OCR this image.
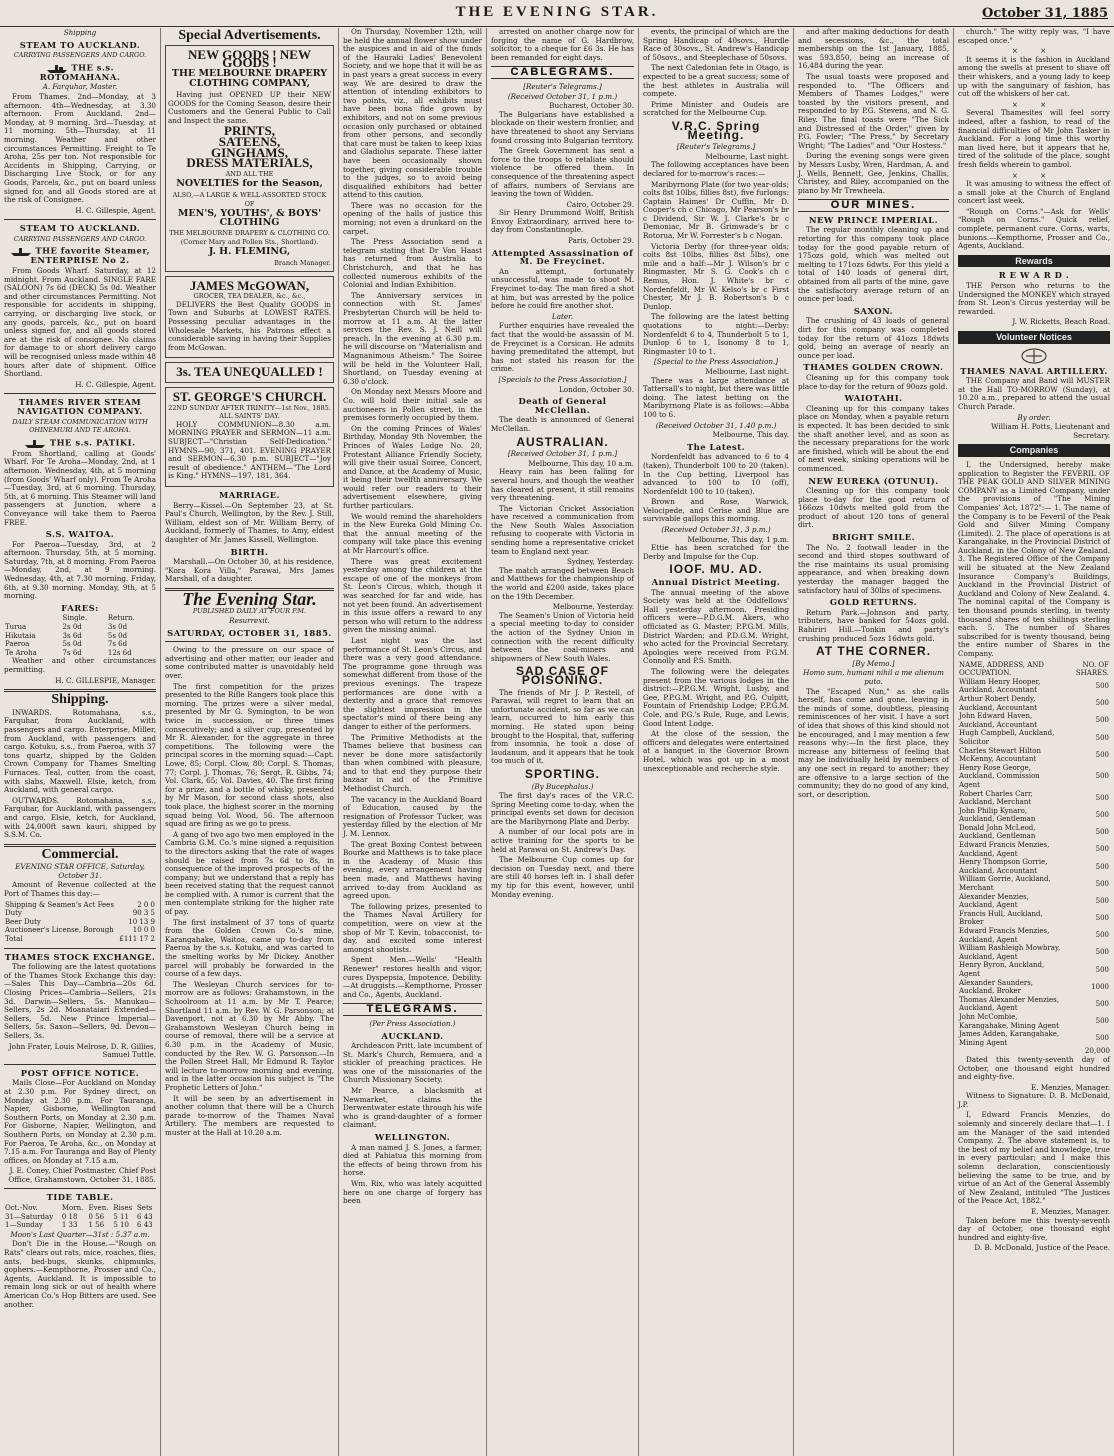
THE EVENING STAR.	October 31, 1885
Shipping
STEAM TO AUCKLAND.
CARRYING PASSENGERS AND CARGO.
THE s.s. ROTOMAHANA.
A. Farquhar, Master.

From Thames. 2nd—Monday, at 3 afternoon. 4th—Wednesday, at 3.30 afternoon. From Auckland. 2nd—Monday, at 9 morning. 3rd—Tuesday, at 11 morning. 5th—Thursday, at 11 morning. Weather and other circumstances Permitting. Freight to Te Aroha, 25s per ton. Not responsible for Accidents in Shipping, Carrying, or Discharging Live Stock, or for any Goods, Parcels, &c., put on board unless signed for, and all Goods stored are at the risk of Consignee.

H. C. Gillespie, Agent.
STEAM TO AUCKLAND.
CARRYING PASSENGERS AND CARGO.
THE favorite Steamer, ENTERPRISE No 2.

From Goods Wharf. Saturday, at 12 midnight. From Auckland. SINGLE FARE (SALOON) 7s 6d (DECK) 5s 0d. Weather and other circumstances Permitting. Not responsible for accidents in shipping, carrying, or discharging live stock, or any goods, parcels, &c., put on board unless signed for, and all goods stored are at the risk of consignee. No claims for damage to or short delivery cargo will be recognised unless made within 48 hours after date of shipment. Office Shortland.

H. C. Gillespie, Agent.
THAMES RIVER STEAM NAVIGATION COMPANY.
DAILY STEAM COMMUNICATION WITH OHINEMURI AND TE AROHA.
THE s.s. PATIKI.

From Shortland, calling at Goods' Wharf. For Te Aroha—Monday, 2nd, at 1 afternoon. Wednesday, 4th, at 5 morning (from Goods' Wharf only). From Te Aroha—Tuesday, 3rd, at 6 morning. Thursday, 5th, at 6 morning. This Steamer will land passengers at Junction, where a Conveyance will take them to Paeroa FREE.

S.S. WAITOA.

For Paeroa—Tuesday, 3rd, at 2 afternoon. Thursday, 5th, at 5 morning. Saturday, 7th, at 8 morning. From Paeroa—Monday, 2nd, at 9 morning. Wednesday, 4th, at 7.30 morning. Friday, 6th, at 9.30 morning. Monday, 9th, at 5 morning.

FARES:
	Single.	Return.
Turua	2s 0d	3s 0d
Hikutaia	3s 6d	5s 0d
Paeroa	5s 0d	7s 6d
Te Aroha	7s 6d	12s 6d

Weather and other circumstances permitting.

H. C. GILLESPIE, Manager.
Shipping.

INWARDS. Rotomahana, s.s., Farquhar, from Auckland, with passengers and cargo. Enterprise, Miller, from Auckland, with passengers and cargo. Kotuku, s.s., from Paeroa, with 37 tons quartz, shipped by the Golden Crown Company for Thames Smelting Furnaces. Teal, cutter, from the coast, with slabs, Maxwell. Elsie, ketch, from Auckland, with general cargo.

OUTWARDS. Rotomahana, s.s., Farquhar, for Auckland, with passengers and cargo. Elsie, ketch, for Auckland, with 24,000ft sawn kauri, shipped by S.S.M. Co.

Commercial.
EVENING STAR OFFICE, Saturday, October 31.

Amount of Revenue collected at the Port of Thames this day:—

Shipping & Seamen's Act Fees	2 0 0
Duty	90 3 5
Beer Duty	10 13 9
Auctioneer's License, Borough	10 0 0
Total	£111 17 2
THAMES STOCK EXCHANGE.

The following are the latest quotations of the Thames Stock Exchange this day:—Sales This Day—Cambria—20s 6d. Closing Prices—Cambria—Sellers, 21s 3d. Darwin—Sellers, 5s. Manukau—Sellers, 2s 2d. Moanataiari Extended—Sellers, 5d. New Prince Imperial—Sellers, 5s. Saxon—Sellers, 9d. Devon—Sellers, 3s.

John Frater, Louis Melrose, D. R. Gillies, Samuel Tuttle.
POST OFFICE NOTICE.

Mails Close—For Auckland on Monday at 2.30 p.m. For Sydney direct, on Monday at 2.30 p.m. For Tauranga, Napier, Gisborne, Wellington and Southern Ports, on Monday at 2.30 p.m. For Gisborne, Napier, Wellington, and Southern Ports, on Monday at 2.30 p.m. For Paeroa, Te Aroha, &c., on Monday at 7.15 a.m. For Tauranga and Bay of Plenty offices, on Monday at 7.15 a.m.

J. E. Coney, Chief Postmaster. Chief Post Office, Grahamstown, October 31, 1885.
TIDE TABLE.
Oct.-Nov.	Morn.	Even.	Rises	Sets
31—Saturday	0 18	0 56	5 11	6 43
1—Sunday	1 33	1 56	5 10	6 43
Moon's Last Quarter—31st : 5.37 a.m.

Don't Die in the House.—"Rough on Rats" clears out rats, mice, roaches, flies, ants, bed-bugs, skunks, chipmunks, gophers.—Kempthorne, Prosser and Co., Agents, Auckland. It is impossible to remain long sick or out of health where American Co.'s Hop Bitters are used. See another.

Special Advertisements.
NEW GOODS ! NEW GOODS !
THE MELBOURNE DRAPERY
CLOTHING COMPANY,

Having just OPENED UP their NEW GOODS for the Coming Season, desire their Customers and the General Public to Call and Inspect the same.

PRINTS,
SATEENS,
GINGHAMS,
DRESS MATERIALS,
AND ALL THE
NOVELTIES for the Season,
ALSO,—A LARGE & WELL-ASSORTED STOCK OF
MEN'S, YOUTHS', & BOYS' CLOTHING
THE MELBOURNE DRAPERY & CLOTHING CO. (Corner Mary and Pollen Sts., Shortland).
J. H. FLEMING,
Branch Manager.
JAMES McGOWAN,
GROCER, TEA DEALER, &c., &c.,

DELIVERS the Best Quality GOODS in Town and Suburbs at LOWEST RATES. Possessing peculiar advantages in the Wholesale Markets, his Patrons effect a considerable saving in having their Supplies from McGowan.

3s. TEA UNEQUALLED !
ST. GEORGE'S CHURCH.
22ND SUNDAY AFTER TRINITY—1st Nov., 1885.
ALL SAINTS' DAY.

HOLY COMMUNION—8.30 a.m. MORNING PRAYER and SERMON—11 a.m. SUBJECT—"Christian Self-Dedication." HYMNS—90, 371, 401. EVENING PRAYER and SERMON—6.30 p.m. SUBJECT—"Joy result of obedience." ANTHEM—"The Lord is King." HYMNS—197, 181, 364.

MARRIAGE.

Berry—Kissel.—On September 23, at St. Paul's Church, Wellington, by the Rev. J. Still, William, eldest son of Mr. William Berry, of Auckland, formerly of Thames, to Amy, eldest daughter of Mr. James Kissell, Wellington.

BIRTH.

Marshall.—On October 30, at his residence, "Kora Kora Villa," Parawai, Mrs James Marshall, of a daughter.

The Evening Star.
PUBLISHED DAILY AT FOUR P.M.
Resurrexit.
SATURDAY, OCTOBER 31, 1885.

Owing to the pressure on our space of advertising and other matter, our leader and some contributed matter is unavoidably held over.

The first competition for the prizes presented to the Rifle Rangers took place this morning. The prizes were a silver medal, presented by Mr G. Symington, to be won twice in succession, or three times consecutively; and a silver cup, presented by Mr R. Alexander, for the aggregate in three competitions. The following were the principal scores in the morning squad:—Capt. Lowe, 85; Corpl. Clow, 80; Corpl. S. Thomas, 77; Corpl. J. Thomas, 76; Sergt. R. Gibbs, 74; Vol. Clark, 65; Vol. Davies, 40. The first firing for a prize, and a bottle of whisky, presented by Mr Mason, for second class shots, also took place, the highest scorer in the morning squad being Vol. Wood, 56. The afternoon squad are firing as we go to press.

A gang of two ago two men employed in the Cambria G.M. Co.'s mine signed a requisition to the directors asking that the rate of wages should be raised from 7s 6d to 8s, in consequence of the improved prospects of the company; but we understand that a reply has been received stating that the request cannot be complied with. A rumor is current that the men contemplate striking for the higher rate of pay.

The first instalment of 37 tons of quartz from the Golden Crown Co.'s mine, Karangahake, Waitoa, came up to-day from Paeroa by the s.s. Kotuku, and was carted to the smelting works by Mr Dickey. Another parcel will probably be forwarded in the course of a few days.

The Wesleyan Church services for to-morrow are as follows: Grahamstown, in the Schoolroom at 11 a.m. by Mr T. Pearce; Shortland 11 a.m. by Rev. W. G. Parsonson; at Davenport, not at 6.30 by Mr Abby. The Grahamstown Wesleyan Church being in course of removal, there will be a service at 6.30 p.m. in the Academy of Music, conducted by the Rev. W. G. Parsonson.—In the Pollen Street Hall, Mr Edmund R. Taylor will lecture to-morrow morning and evening, and in the latter occasion his subject is "The Prophetic Letters of John."

It will be seen by an advertisement in another column that there will be a Church parade to-morrow of the Thames Naval Artillery. The members are requested to muster at the Hall at 10.20 a.m.

On Thursday, November 12th, will be held the annual flower show under the auspices and in aid of the funds of the Hauraki Ladies' Benevolent Society, and we hope that it will be as in past years a great success in every way. We are desired to draw the attention of intending exhibitors to two points, viz., all exhibits must have been bona fide grown by exhibitors, and not on some previous occasion only purchased or obtained from other persons, and secondly that care must be taken to keep Ixias and Gladiolus separate. These latter have been occasionally shown together, giving considerable trouble to the judges, so to avoid being disqualified exhibitors had better attend to this caution.

There was no occasion for the opening of the halls of justice this morning; not even a drunkard on the carpet.

The Press Association send a telegram stating that Dr Von Haast has returned from Australia to Christchurch, and that he has collected numerous exhibits of the Colonial and Indian Exhibition.

The Anniversary services in connection with St. James' Presbyterian Church will be held to-morrow at 11 a.m. At the latter services the Rev. S. J. Neill will preach. In the evening at 6.30 p.m. he will discourse on "Materialism and Magnanimous Atheism." The Soiree will be held in the Volunteer Hall, Shortland, on Tuesday evening at 6.30 o'clock.

On Monday next Messrs Moore and Co. will hold their initial sale as auctioneers in Pollen street, in the premises formerly occupied by them.

On the coming Princes of Wales' Birthday, Monday 9th November, the Princes of Wales Lodge No. 20, Protestant Alliance Friendly Society, will give their usual Soiree, Concert, and Dance, at the Academy of Music, it being their twelfth anniversary. We would refer our readers to their advertisement elsewhere, giving further particulars.

We would remind the shareholders in the New Eureka Gold Mining Co. that the annual meeting of the company will take place this evening at Mr Harcourt's office.

There was great excitement yesterday among the children at the escape of one of the monkeys from St. Leon's Circus, which, though it was searched for far and wide, has not yet been found. An advertisement in this issue offers a reward to any person who will return to the address given the missing animal.

Last night was the last performance of St. Leon's Circus, and there was a very good attendance. The programme gone through was somewhat different from those of the previous evenings. The trapeze performances are done with a dexterity and a grace that removes the slightest impression in the spectator's mind of there being any danger to either of the performers.

The Primitive Methodists at the Thames believe that business can never be done more satisfactorily than when combined with pleasure, and to that end they purpose their bazaar in aid of the Primitive Methodist Church.

The vacancy in the Auckland Board of Education, caused by the resignation of Professor Tucker, was yesterday filled by the election of Mr J. M. Lennox.

The great Boxing Contest between Bourke and Matthews is to take place in the Academy of Music this evening, every arrangement having been made, and Matthews having arrived to-day from Auckland as agreed upon.

The following prizes, presented to the Thames Naval Artillery for competition, were on view at the shop of Mr T. Kevin, tobacconist, to-day, and excited some interest amongst shootists.

Spent Men.—Wells' "Health Renewer" restores health and vigor, cures Dyspepsia, Impotence, Debility.—At druggists.—Kempthorne, Prosser and Co., Agents, Auckland.

TELEGRAMS.
(Per Press Association.)
AUCKLAND.

Archdeacon Pritt, late incumbent of St. Mark's Church, Remuera, and a stickler of preaching practices. He was one of the missionaries of the Church Missionary Society.

Mr Pearce, a blacksmith at Newmarket, claims the Derwentwater estate through his wife who is grand-daughter of a former claimant.

WELLINGTON.

A man named J. S. Jones, a farmer, died at Pahiatua this morning from the effects of being thrown from his horse.

Wm. Rix, who was lately acquitted here on one charge of forgery has been

arrested on another charge now for forging the name of G. Hardbrow, solicitor, to a cheque for £6 3s. He has been remanded for eight days.

CABLEGRAMS.
[Reuter's Telegrams.]
(Received October 31, 1 p.m.)
Bucharest, October 30.

The Bulgarians have established a blockade on their western frontier, and have threatened to shoot any Servians found crossing into Bulgarian territory.

The Greek Government has sent a force to the troops to retaliate should violence be offered them. In consequence of the threatening aspect of affairs, numbers of Servians are leaving the town of Widden.

Cairo, October 29.

Sir Henry Drummond Wolff, British Envoy Extraordinary, arrived here to-day from Constantinople.

Paris, October 29.
Attempted Assassination of M. De Freycinet.

An attempt, fortunately unsuccessful, was made to shoot M. Freycinet to-day. The man fired a shot at him, but was arrested by the police before he could fire another shot.

Later.

Further enquiries have revealed the fact that the would-be assassin of M. de Freycinet is a Corsican. He admits having premeditated the attempt, but has not stated his reason for the crime.

[Specials to the Press Association.]
London, October 30.
Death of General McClellan.

The death is announced of General McClellan.

AUSTRALIAN.
[Received October 31, 1 p.m.]
Melbourne, This day, 10 a.m.

Heavy rain has been falling for several hours, and though the weather has cleared at present, it still remains very threatening.

The Victorian Cricket Association have received a communication from the New South Wales Association refusing to cooperate with Victoria in sending home a representative cricket team to England next year.

Sydney, Yesterday.

The match arranged between Beach and Matthews for the championship of the world and £200 aside, takes place on the 19th December.

Melbourne, Yesterday.

The Seamen's Union of Victoria held a special meeting to-day to consider the action of the Sydney Union in connection with the recent difficulty between the coal-miners and shipowners of New South Wales.

SAD CASE OF POISONING.

The friends of Mr J. P. Restell, of Parawai, will regret to learn that an unfortunate accident, so far as we can learn, occurred to him early this morning. He stated upon being brought to the Hospital, that, suffering from insomnia, he took a dose of laudanum, and it appears that he took too much of it.

SPORTING.
(By Bucephalus.)

The first day's races of the V.R.C. Spring Meeting come to-day, when the principal events set down for decision are the Maribyrnong Plate and Derby.

A number of our local pots are in active training for the sports to be held at Parawai on St. Andrew's Day.

The Melbourne Cup comes up for decision on Tuesday next, and there are still 40 horses left in. I shall defer my tip for this event, however, until Monday evening.

events, the principal of which are the Spring Handicap of 40sovs., Hurdle Race of 30sovs., St. Andrew's Handicap of 50sovs., and Steeplechase of 50sovs.

The next Caledonian fete in Otago, is expected to be a great success; some of the best athletes in Australia will compete.

Prime Minister and Oudeis are scratched for the Melbourne Cup.

V.R.C. Spring Meeting.
[Reuter's Telegrams.]
Melbourne, Last night.

The following acceptances have been declared for to-morrow's races:—

Maribyrnong Plate (for two year-olds; colts 8st 10lbs, fillies 8st), five furlongs: Captain Haimes' Dr Cuffin, Mr D. Cooper's ch c Chicago, Mr Pearson's br c Dividend, Sir W. J. Clarke's br c Demoniac, Mr B. Grimwade's br c Rotorua, Mr W. Forrester's b c Nogan.

Victoria Derby (for three-year olds; colts 8st 10lbs, fillies 8st 5lbs), one mile and a half:—Mr J. Wilson's br c Ringmaster, Mr S. G. Cook's ch c Remus, Hon. J. White's br c Nordenfeldt, Mr W. Kelso's br c First Chester, Mr J. B. Robertson's b c Dunlop.

The following are the latest betting quotations to night:—Derby: Nordenfeldt 6 to 4, Thunderbolt 5 to 1, Dunlop 6 to 1, Isonomy 8 to 1, Ringmaster 10 to 1.

[Special to the Press Association.]
Melbourne, Last night.

There was a large attendance at Tattersall's to night, but there was little doing. The latest betting on the Maribyrnong Plate is as follows:—Abba 100 to 6.

(Received October 31, 1.40 p.m.)
Melbourne, This day.
The Latest.

Nordenfeldt has advanced to 6 to 4 (taken), Thunderbolt 100 to 20 (taken). In the Cup betting, Liverpool has advanced to 100 to 10 (off), Nordenfeldt 100 to 10 (taken).

Brown and Rose, Warwick, Velocipede, and Cerise and Blue are survivable gallops this morning.

(Received October 31, 3 p.m.)
Melbourne, This day, 1 p.m.

Ettie has been scratched for the Derby and Impulse for the Cup.

IOOF. MU. AD.
Annual District Meeting.

The annual meeting of the above Society was held at the Oddfellows' Hall yesterday afternoon. Presiding officers were—P.D.G.M. Akers, who officiated as G. Master; P.P.G.M. Mills, District Warden; and P.D.G.M. Wright, who acted for the Provincial Secretary. Apologies were received from P.G.M. Connolly and P.S. Smith.

The following were the delegates present from the various lodges in the district:—P.P.G.M. Wright, Lusby, and Gee, P.P.G.M. Wright, and P.G. Culpitt, Fountain of Friendship Lodge; P.P.G.M. Cole, and P.G.'s Rule, Ruge, and Lewis, Good Intent Lodge.

At the close of the session, the officers and delegates were entertained at a banquet in the Governor Brown Hotel, which was got up in a most unexceptionable and recherche style.

and after making deductions for death and secessions, &c., the total membership on the 1st January, 1885, was 593,850, being an increase of 16,484 during the year.

The usual toasts were proposed and responded to. "The Officers and Members of Thames Lodges," were toasted by the visitors present, and responded to by P.G. Stevens, and N. G. Riley. The final toasts were "The Sick and Distressed of the Order," given by P.G. Fowler; "The Press," by Secretary Wright; "The Ladies" and "Our Hostess."

During the evening songs were given by Messrs Lusby, Wren, Hardman, A. and J. Wells, Bennett, Gee, Jenkins, Challis, Christey, and Riley, accompanied on the piano by Mr Trewheela.

OUR MINES.
NEW PRINCE IMPERIAL.

The regular monthly cleaning up and retorting for this company took place today for the good payable return of 175ozs gold, which was melted out melting to 171ozs 6dwts. For this yield a total of 140 loads of general dirt, obtained from all parts of the mine, gave the satisfactory average return of an ounce per load.

SAXON.

The crushing of 43 loads of general dirt for this company was completed today for the return of 41ozs 18dwts gold, being an average of nearly an ounce per load.

THAMES GOLDEN CROWN.

Cleaning up for this company took place to-day for the return of 90ozs gold.

WAIOTAHI.

Cleaning up for this company takes place on Monday, when a payable return is expected. It has been decided to sink the shaft another level, and as soon as the necessary preparations for the work are finished, which will be about the end of next week, sinking operations will be commenced.

NEW EUREKA (OTUNUI).

Cleaning up for this company took place to-day for the good return of 166ozs 10dwts melted gold from the product of about 120 tons of general dirt.

BRIGHT SMILE.

The No. 2 footwall leader in the second and third stopes southward of the rise maintains its usual promising appearance, and when breaking down yesterday the manager bagged the satisfactory haul of 30lbs of specimens.

GOLD RETURNS.

Return Park.—Johnson and party, tributers, have banked for 54ozs gold. Rahiriri Hill.—Tonkin and party's crushing produced 5ozs 16dwts gold.

AT THE CORNER.
[By Memo.]
Homo sum, humani nihil a me alienum puto.

The "Escaped Nun," as she calls herself, has come and gone, leaving in the minds of some, doubtless, pleasing reminiscences of her visit. I have a sort of idea that shows of this kind should not be encouraged, and I may mention a few reasons why:—In the first place, they increase any bitterness of feeling that may be individually held by members of any one sect in regard to another; they are offensive to a large section of the community; they do no good of any kind, sort, or description.

church." The witty reply was, "I have escaped once."

× ×

It seems it is the fashion in Auckland among the swells at present to shave off their whiskers, and a young lady to keep up with the sanguinary of fashion, has cut off the whiskers of her cat.

× ×

Several Thamesites will feel sorry indeed, after a fashion, to read of the financial difficulties of Mr John Tasker in Auckland. For a long time this worthy man lived here, but it appears that he, tired of the solitude of the place, sought fresh fields wherein to gambol.

× ×

It was amusing to witness the effect of a small joke at the Church of England concert last week.

"Rough on Corns."—Ask for Wells' "Rough on Corns." Quick relief, complete, permanent cure. Corns, warts, bunions.—Kempthorne, Prosser and Co., Agents, Auckland.

Rewards
R E W A R D .

THE Person who returns to the Undersigned the MONKEY which strayed from St. Leon's Circus yesterday will be rewarded.

J. W. Ricketts, Beach Road.
Volunteer Notices
THAMES NAVAL ARTILLERY.

THE Company and Band will MUSTER at the Hall TO-MORROW (Sunday), at 10.20 a.m., prepared to attend the usual Church Parade.

By order.
William H. Potts, Lieutenant and Secretary.
Companies

I, the Undersigned, hereby make application to Register the FEVERIL OF THE PEAK GOLD AND SILVER MINING COMPANY as a Limited Company, under the provisions of "The Mining Companies' Act, 1872":— 1. The name of the Company is to be Feveril of the Peak Gold and Silver Mining Company (Limited). 2. The place of operations is at Karangahake, in the Provincial District of Auckland, in the Colony of New Zealand. 3. The Registered Office of the Company will be situated at the New Zealand Insurance Company's Buildings, Auckland in the Provincial District of Auckland and Colony of New Zealand. 4. The nominal capital of the Company is ten thousand pounds sterling, in twenty thousand shares of ten shillings sterling each. 5. The number of Shares subscribed for is twenty thousand, being the entire number of Shares in the Company.

NAME, ADDRESS, AND OCCUPATION.	NO. OF SHARES.
William Henry Hooper, Auckland, Accountant	500
Arthur Robert Dendy, Auckland, Accountant	500
John Edward Haven, Auckland, Accountant	500
Hugh Campbell, Auckland, Solicitor	500
Charles Stewart Hilton McKenny, Accountant	500
Henry Rose George, Auckland, Commission Agent	500
Robert Charles Carr, Auckland, Merchant	500
John Philip Kynaro, Auckland, Gentleman	500
Donald John McLeod, Auckland, Gentleman	500
Edward Francis Menzies, Auckland, Agent	500
Henry Thompson Gorrie, Auckland, Accountant	500
William Gorrie, Auckland, Merchant	500
Alexander Menzies, Auckland, Agent	500
Francis Hull, Auckland, Broker	500
Edward Francis Menzies, Auckland, Agent	500
William Rashleigh Mowbray, Auckland, Agent	500
Henry Byron, Auckland, Agent	500
Alexander Saunders, Auckland, Broker	1000
Thomas Alexander Menzies, Auckland, Agent	500
John McCombie, Karangahake, Mining Agent	500
James Adden, Karangahake, Mining Agent	500
20,000

Dated this twenty-seventh day of October, one thousand eight hundred and eighty-five.

E. Menzies, Manager.

Witness to Signature: D. B. McDonald, J.P.

I, Edward Francis Menzies, do solemnly and sincerely declare that—1. I am the Manager of the said intended Company. 2. The above statement is, to the best of my belief and knowledge, true in every particular; and I make this solemn declaration, conscientiously believing the same to be true, and by virtue of an Act of the General Assembly of New Zealand, intituled "The Justices of the Peace Act, 1882."

E. Menzies, Manager.

Taken before me this twenty-seventh day of October, one thousand eight hundred and eighty-five,

D. B. McDonald, Justice of the Peace.
